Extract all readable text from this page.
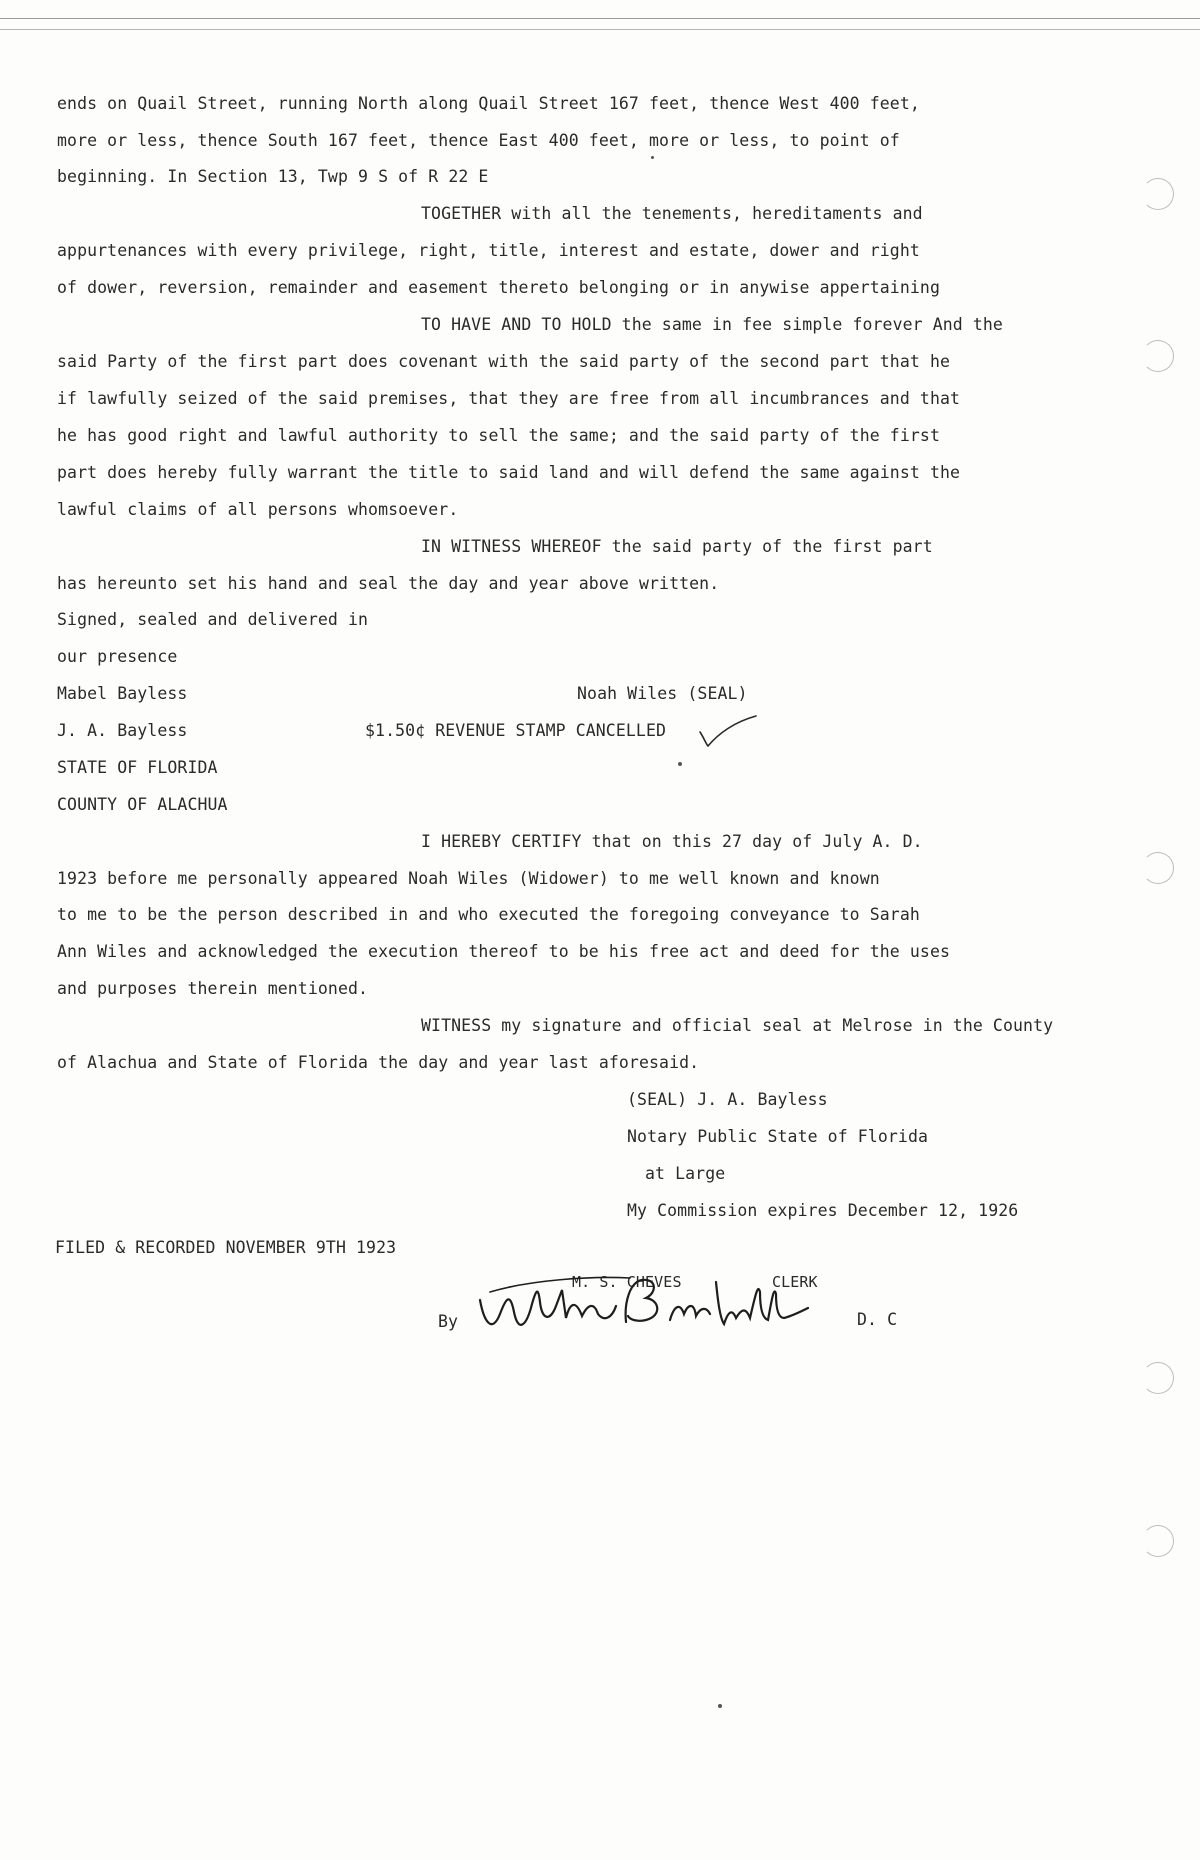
ends on Quail Street, running North along Quail Street 167 feet, thence West 400 feet,
more or less, thence South 167 feet, thence East 400 feet, more or less, to point of
beginning. In Section 13, Twp 9 S of R 22 E
TOGETHER with all the tenements, hereditaments and
appurtenances with every privilege, right, title, interest and estate, dower and right
of dower, reversion, remainder and easement thereto belonging or in anywise appertaining
TO HAVE AND TO HOLD the same in fee simple forever And the
said Party of the first part does covenant with the said party of the second part that he
if lawfully seized of the said premises, that they are free from all incumbrances and that
he has good right and lawful authority to sell the same; and the said party of the first
part does hereby fully warrant the title to said land and will defend the same against the
lawful claims of all persons whomsoever.
IN WITNESS WHEREOF the said party of the first part
has hereunto set his hand and seal the day and year above written.
Signed, sealed and delivered in
our presence
Mabel Bayless	Noah Wiles (SEAL)
J. A. Bayless	$1.50¢ REVENUE STAMP CANCELLED
STATE OF FLORIDA
COUNTY OF ALACHUA
I HEREBY CERTIFY that on this 27 day of July A. D.
1923 before me personally appeared Noah Wiles (Widower) to me well known and known
to me to be the person described in and who executed the foregoing conveyance to Sarah
Ann Wiles and acknowledged the execution thereof to be his free act and deed for the uses
and purposes therein mentioned.
WITNESS my signature and official seal at Melrose in the County
of Alachua and State of Florida the day and year last aforesaid.
(SEAL) J. A. Bayless
Notary Public State of Florida
at Large
My Commission expires December 12, 1926
FILED & RECORDED NOVEMBER 9TH 1923
M. S. CHEVES	CLERK
By	D. C
